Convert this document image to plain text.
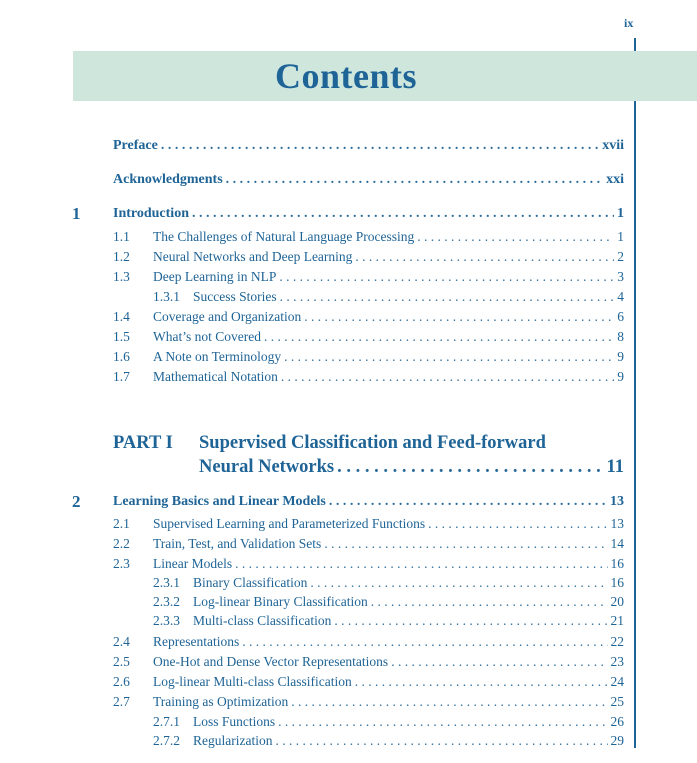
ix
Contents
Preface . . .	xvii
Acknowledgments . . .	xxi
1 Introduction . . .	1
1.1 The Challenges of Natural Language Processing . . .	1
1.2 Neural Networks and Deep Learning . . .	2
1.3 Deep Learning in NLP . . .	3
1.3.1 Success Stories . . .	4
1.4 Coverage and Organization . . .	6
1.5 What’s not Covered . . .	8
1.6 A Note on Terminology . . .	9
1.7 Mathematical Notation . . .	9
PART I Supervised Classification and Feed-forward
Neural Networks . . .	11
2 Learning Basics and Linear Models . . .	13
2.1 Supervised Learning and Parameterized Functions . . .	13
2.2 Train, Test, and Validation Sets . . .	14
2.3 Linear Models . . .	16
2.3.1 Binary Classification . . .	16
2.3.2 Log-linear Binary Classification . . .	20
2.3.3 Multi-class Classification . . .	21
2.4 Representations . . .	22
2.5 One-Hot and Dense Vector Representations . . .	23
2.6 Log-linear Multi-class Classification . . .	24
2.7 Training as Optimization . . .	25
2.7.1 Loss Functions . . .	26
2.7.2 Regularization . . .	29
